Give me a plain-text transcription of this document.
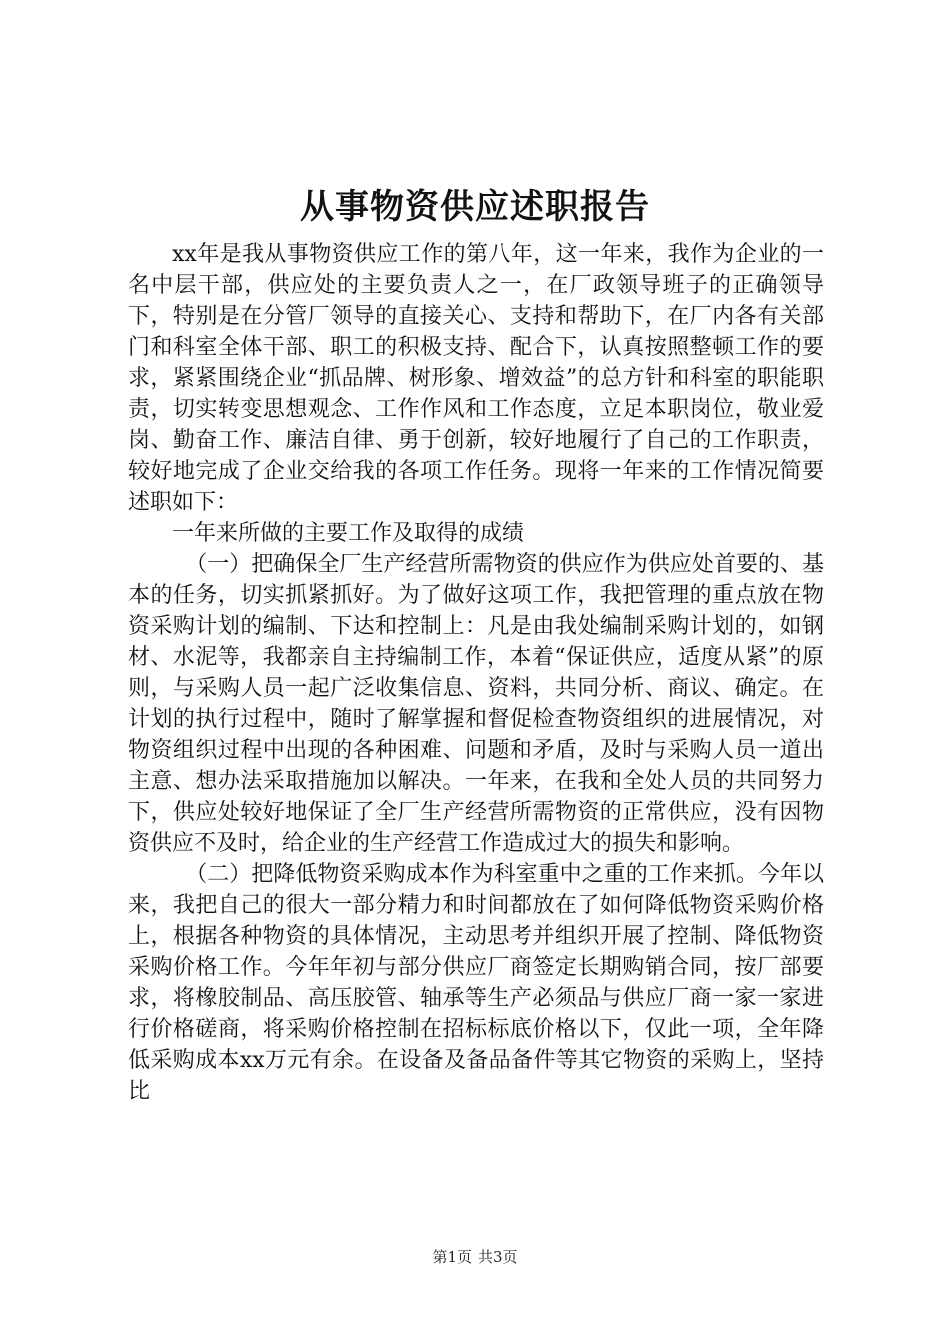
从事物资供应述职报告

xx年是我从事物资供应工作的第八年，这一年来，我作为企业的一名中层干部，供应处的主要负责人之一，在厂政领导班子的正确领导下，特别是在分管厂领导的直接关心、支持和帮助下，在厂内各有关部门和科室全体干部、职工的积极支持、配合下，认真按照整顿工作的要求，紧紧围绕企业“抓品牌、树形象、增效益”的总方针和科室的职能职责，切实转变思想观念、工作作风和工作态度，立足本职岗位，敬业爱岗、勤奋工作、廉洁自律、勇于创新，较好地履行了自己的工作职责，较好地完成了企业交给我的各项工作任务。现将一年来的工作情况简要述职如下：

一年来所做的主要工作及取得的成绩

（一）把确保全厂生产经营所需物资的供应作为供应处首要的、基本的任务，切实抓紧抓好。为了做好这项工作，我把管理的重点放在物资采购计划的编制、下达和控制上：凡是由我处编制采购计划的，如钢材、水泥等，我都亲自主持编制工作，本着“保证供应，适度从紧”的原则，与采购人员一起广泛收集信息、资料，共同分析、商议、确定。在计划的执行过程中，随时了解掌握和督促检查物资组织的进展情况，对物资组织过程中出现的各种困难、问题和矛盾，及时与采购人员一道出主意、想办法采取措施加以解决。一年来，在我和全处人员的共同努力下，供应处较好地保证了全厂生产经营所需物资的正常供应，没有因物资供应不及时，给企业的生产经营工作造成过大的损失和影响。

（二）把降低物资采购成本作为科室重中之重的工作来抓。今年以来，我把自己的很大一部分精力和时间都放在了如何降低物资采购价格上，根据各种物资的具体情况，主动思考并组织开展了控制、降低物资采购价格工作。今年年初与部分供应厂商签定长期购销合同，按厂部要求，将橡胶制品、高压胶管、轴承等生产必须品与供应厂商一家一家进行价格磋商，将采购价格控制在招标标底价格以下，仅此一项，全年降低采购成本xx万元有余。在设备及备品备件等其它物资的采购上，坚持比

第1页 共3页
